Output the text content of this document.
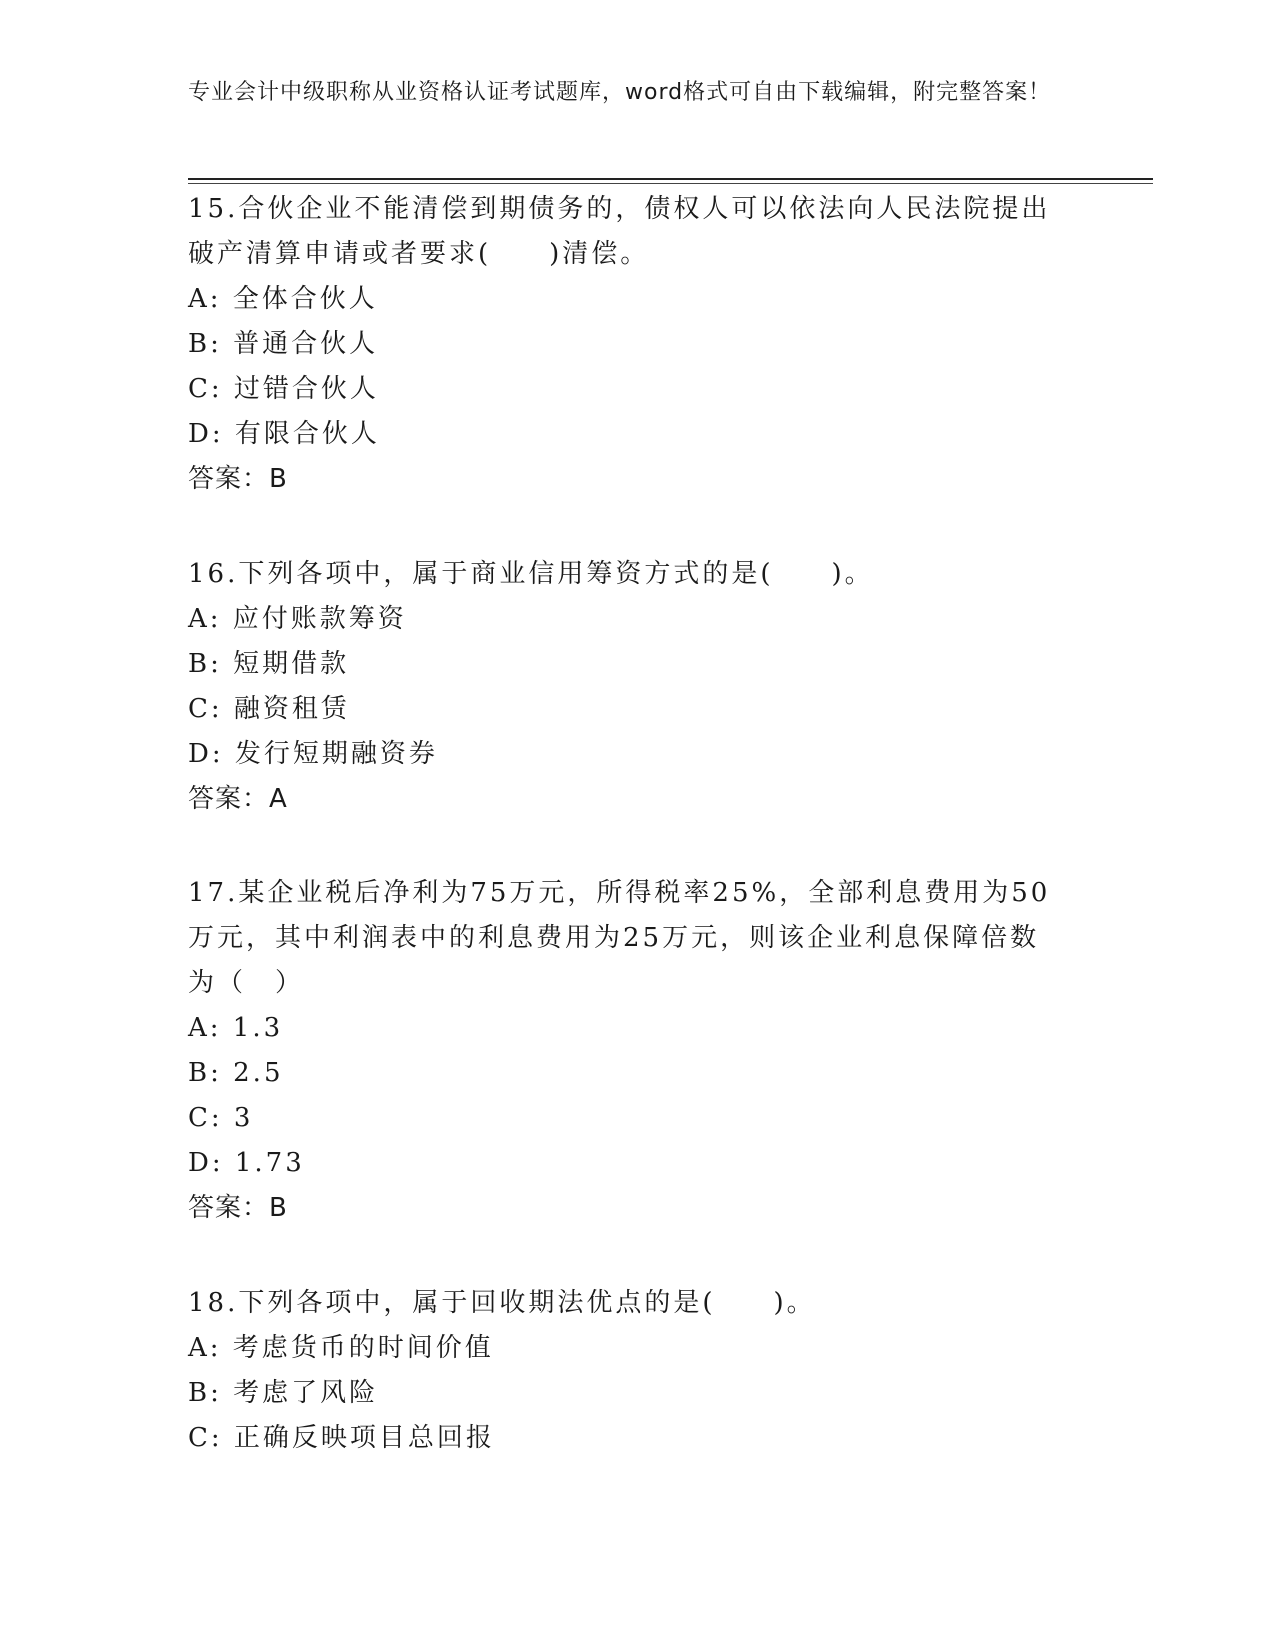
专业会计中级职称从业资格认证考试题库，word格式可自由下载编辑，附完整答案！

15.合伙企业不能清偿到期债务的，债权人可以依法向人民法院提出破产清算申请或者要求(　　)清偿。

A: 全体合伙人

B: 普通合伙人

C: 过错合伙人

D: 有限合伙人

答案：B

16.下列各项中，属于商业信用筹资方式的是(　　)。

A: 应付账款筹资

B: 短期借款

C: 融资租赁

D: 发行短期融资券

答案：A

17.某企业税后净利为75万元，所得税率25%，全部利息费用为50万元，其中利润表中的利息费用为25万元，则该企业利息保障倍数为（　）

A: 1.3

B: 2.5

C: 3

D: 1.73

答案：B

18.下列各项中，属于回收期法优点的是(　　)。

A: 考虑货币的时间价值

B: 考虑了风险

C: 正确反映项目总回报
